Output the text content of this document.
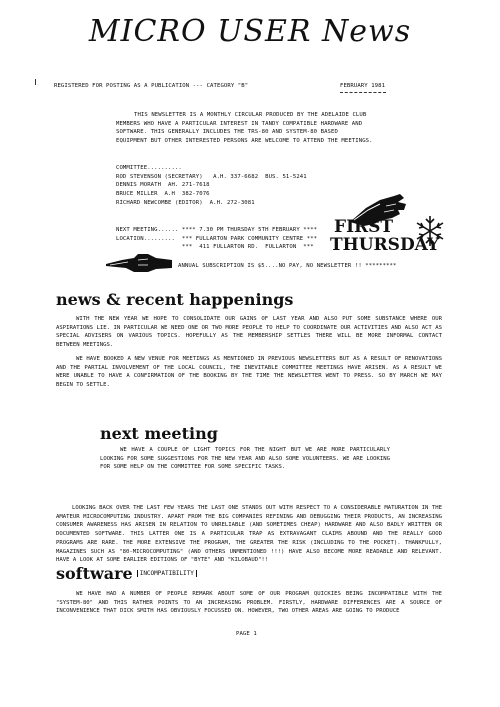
MICRO USER News
REGISTERED FOR POSTING AS A PUBLICATION --- CATEGORY "B"	FEBRUARY 1981
THIS NEWSLETTER IS A MONTHLY CIRCULAR PRODUCED BY THE ADELAIDE CLUB
MEMBERS WHO HAVE A PARTICULAR INTEREST IN TANDY COMPATIBLE HARDWARE AND
SOFTWARE. THIS GENERALLY INCLUDES THE TRS-80 AND SYSTEM-80 BASED
EQUIPMENT BUT OTHER INTERESTED PERSONS ARE WELCOME TO ATTEND THE MEETINGS.
COMMITTEE..........
ROD STEVENSON (SECRETARY)   A.H. 337-6682  BUS. 51-5241
DENNIS MORATH  AH. 271-7618
BRUCE MILLER  A.H  382-7076
RICHARD NEWCOMBE (EDITOR)  A.H. 272-3081
FIRST
THURSDAY
NEXT MEETING...... **** 7.30 PM THURSDAY 5TH FEBRUARY ****
LOCATION.........  *** FULLARTON PARK COMMUNITY CENTRE ***
***  411 FULLARTON RD.  FULLARTON  ***
ANNUAL SUBSCRIPTION IS $5....NO PAY, NO NEWSLETTER !! *********
news & recent happenings
WITH THE NEW YEAR WE HOPE TO CONSOLIDATE OUR GAINS OF LAST YEAR AND ALSO PUT SOME SUBSTANCE WHERE OUR ASPIRATIONS LIE. IN PARTICULAR WE NEED ONE OR TWO MORE PEOPLE TO HELP TO COORDINATE OUR ACTIVITIES AND ALSO ACT AS SPECIAL ADVISERS ON VARIOUS TOPICS. HOPEFULLY AS THE MEMBERSHIP SETTLES THERE WILL BE MORE INFORMAL CONTACT BETWEEN MEETINGS.
WE HAVE BOOKED A NEW VENUE FOR MEETINGS AS MENTIONED IN PREVIOUS NEWSLETTERS BUT AS A RESULT OF RENOVATIONS AND THE PARTIAL INVOLVEMENT OF THE LOCAL COUNCIL, THE INEVITABLE COMMITTEE MEETINGS HAVE ARISEN. AS A RESULT WE WERE UNABLE TO HAVE A CONFIRMATION OF THE BOOKING BY THE TIME THE NEWSLETTER WENT TO PRESS. SO BY MARCH WE MAY BEGIN TO SETTLE.
next meeting
WE HAVE A COUPLE OF LIGHT TOPICS FOR THE NIGHT BUT WE ARE MORE PARTICULARLY LOOKING FOR SOME SUGGESTIONS FOR THE NEW YEAR AND ALSO SOME VOLUNTEERS. WE ARE LOOKING FOR SOME HELP ON THE COMMITTEE FOR SOME SPECIFIC TASKS.
LOOKING BACK OVER THE LAST FEW YEARS THE LAST ONE STANDS OUT WITH RESPECT TO A CONSIDERABLE MATURATION IN THE AMATEUR MICROCOMPUTING INDUSTRY. APART FROM THE BIG COMPANIES REFINING AND DEBUGGING THEIR PRODUCTS, AN INCREASING CONSUMER AWARENESS HAS ARISEN IN RELATION TO UNRELIABLE (AND SOMETIMES CHEAP) HARDWARE AND ALSO BADLY WRITTEN OR DOCUMENTED SOFTWARE. THIS LATTER ONE IS A PARTICULAR TRAP AS EXTRAVAGANT CLAIMS ABOUND AND THE REALLY GOOD PROGRAMS ARE RARE. THE MORE EXTENSIVE THE PROGRAM, THE GREATER THE RISK (INCLUDING TO THE POCKET). THANKFULLY, MAGAZINES SUCH AS "80-MICROCOMPUTING" (AND OTHERS UNMENTIONED !!!) HAVE ALSO BECOME MORE READABLE AND RELEVANT. HAVE A LOOK AT SOME EARLIER EDITIONS OF "BYTE" AND "KILOBAUD"!!
software	INCOMPATIBILITY
WE HAVE HAD A NUMBER OF PEOPLE REMARK ABOUT SOME OF OUR PROGRAM QUICKIES BEING INCOMPATIBLE WITH THE "SYSTEM-80" AND THIS RATHER POINTS TO AN INCREASING PROBLEM. FIRSTLY, HARDWARE DIFFERENCES ARE A SOURCE OF INCONVENIENCE THAT DICK SMITH HAS OBVIOUSLY FOCUSSED ON. HOWEVER, TWO OTHER AREAS ARE GOING TO PRODUCE
PAGE 1
